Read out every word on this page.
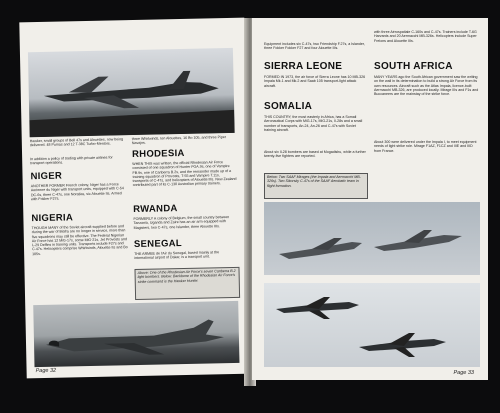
Hawker, small groups of Bell 47s and Alouettes, now being delivered. 48 Pumas and 12 T-38C Turbo-Mentors.

In addition a policy of trading with private airlines for transport operations.

NIGER

ANOTHER FORMER French colony, Niger has a Force Aerienne du Niger with transport units, equipped with C-54 DC-6s, three C-47s, one Noratlas, six Alouette IIs. Armed with Fokker F27s.

NIGERIA

THOUGH MANY of the Soviet aircraft supplied before and during the war of Biafra are no longer in service, more than five squadrons may still be effective. The Federal Nigerian Air Force has 12 MiG-17s, some MiG-21s, Jet Provosts and L-29 Delfins in training units. Transports include F27s and C-47s. Helicopters comprise Whirlwinds, Alouette IIs and Bo 105s.

three Whirlwinds, ten Alouettes, 16 Bo 105, and three Piper Navajos.

RHODESIA

WHEN THIS was written, the official Rhodesian Air Force consisted of one squadron of Hunter FGA.9s, one of Vampire FB.9s, one of Canberra B.2s, and the remainder made up of a training squadron of Provosts, T-55 and Vampire T.11s, transports of C-47s, and helicopters of Alouette IIIs. New Zealand contributed part of its C-130 Australian primary trainers.

RWANDA

FORMERLY A colony of Belgium, the small country between Tanzania, Uganda and Zaire has an air arm equipped with Magisters, two C-47s, one Islander, three Alouette IIIs.

SENEGAL

THE ARMEE de l'Air du Senegal, based mainly at the international airport of Dakar, is a transport unit.

Above: One of the Rhodesian Air Force's seven Canberra B.2 light bombers. Below: Backbone of the Rhodesian Air Force's strike command is the Hawker Hunter.

Page 32

Equipment includes six C-47s, two Friendship F.27s, a Islander, three Fokker Fokker F27 and four Alouette IIIs.

SIERRA LEONE

FORMED IN 1973, the air force of Sierra Leone has 10 MB-326 Impala Mk.1 and Mk.2 and Saab 105 transport-light attack aircraft.

SOMALIA

THIS COUNTRY, the most easterly in Africa, has a Somali Aeronautical Corps with MiG-17s, MiG-21s, Il-28s and a small number of transports, An-24, An-26 and C-47s with Soviet training aircraft.

About six Il-28 bombers are based at Mogadishu, while a further twenty-five fighters are reported.

Below: Two SAAF Mirages (the Impala and Aermacchi MB-326s). Two Sikorsky C-47s of the SAAF Aerobatic team in flight formation.

with three Aérospatiale C-160s and C-47s. Trainers include T-6G Harvards and 20 Aermacchi MB-326s. Helicopters include Super Frelons and Alouette IIIs.

SOUTH AFRICA

MANY YEARS ago the South African government saw the writing on the wall in its determination to build a strong Air Force from its own resources. Aircraft such as the Atlas Impala, licence-built Aermacchi MB-326, are produced locally. Mirage IIIs and F1s and Buccaneers are the mainstay of the strike force.

About 300 were delivered under the Impala I, to meet equipment needs of light strike role. Mirage F1AZ, F1CZ and IIIE and IIID from France.

Page 33
